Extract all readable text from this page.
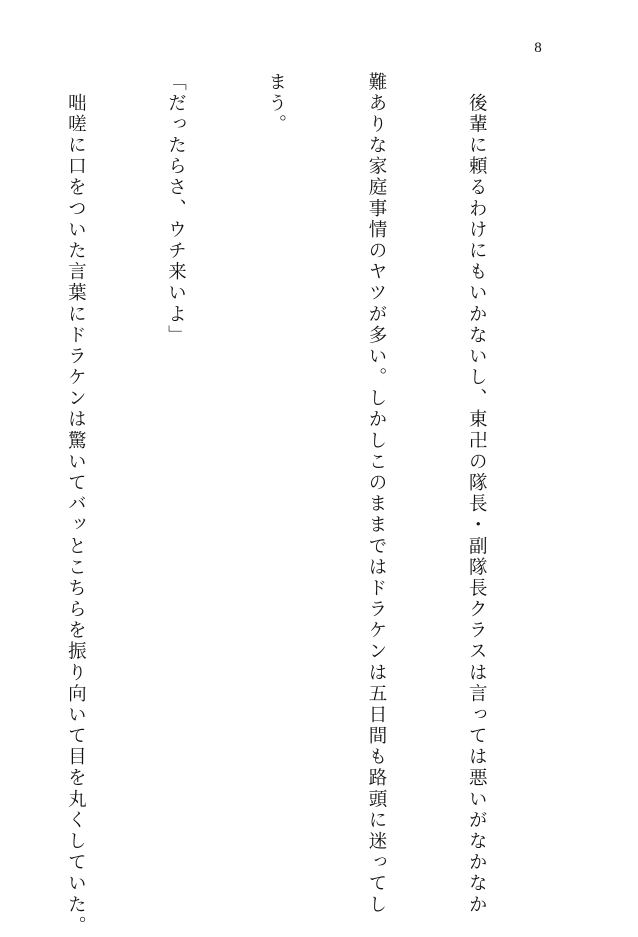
8

　後輩に頼るわけにもいかないし、東卍の隊長・副隊長クラスは言っては悪いがなかなか

難ありな家庭事情のヤツが多い。しかしこのままではドラケンは五日間も路頭に迷ってし

まう。

「だったらさ、ウチ来いよ」

　咄嗟に口をついた言葉にドラケンは驚いてバッとこちらを振り向いて目を丸くしていた。
